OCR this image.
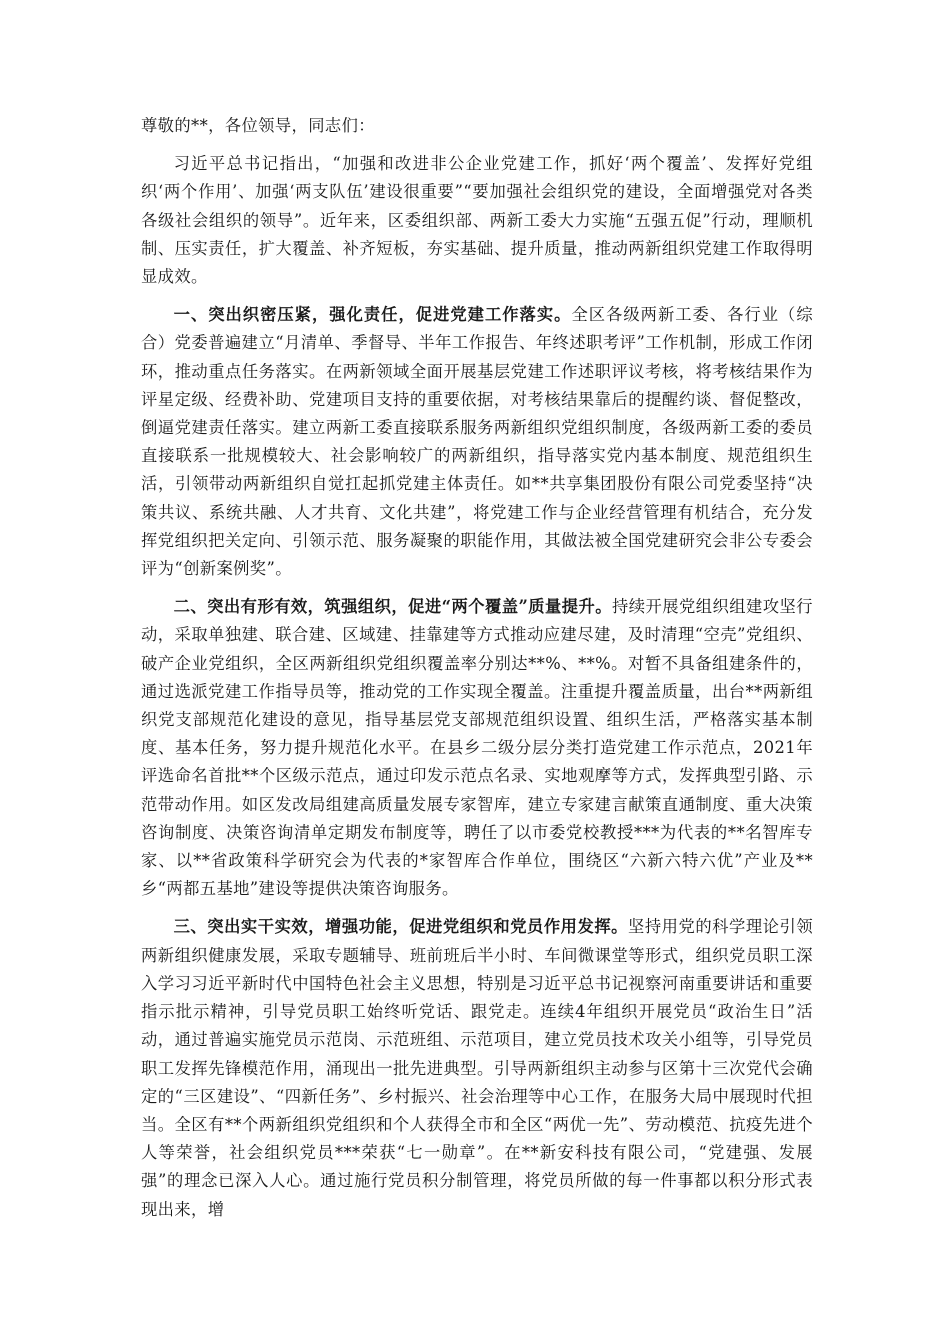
尊敬的**，各位领导，同志们：

习近平总书记指出，“加强和改进非公企业党建工作，抓好‘两个覆盖’、发挥好党组织‘两个作用’、加强‘两支队伍’建设很重要”“要加强社会组织党的建设，全面增强党对各类各级社会组织的领导”。近年来，区委组织部、两新工委大力实施“五强五促”行动，理顺机制、压实责任，扩大覆盖、补齐短板，夯实基础、提升质量，推动两新组织党建工作取得明显成效。

一、突出织密压紧，强化责任，促进党建工作落实。全区各级两新工委、各行业（综合）党委普遍建立“月清单、季督导、半年工作报告、年终述职考评”工作机制，形成工作闭环，推动重点任务落实。在两新领域全面开展基层党建工作述职评议考核，将考核结果作为评星定级、经费补助、党建项目支持的重要依据，对考核结果靠后的提醒约谈、督促整改，倒逼党建责任落实。建立两新工委直接联系服务两新组织党组织制度，各级两新工委的委员直接联系一批规模较大、社会影响较广的两新组织，指导落实党内基本制度、规范组织生活，引领带动两新组织自觉扛起抓党建主体责任。如**共享集团股份有限公司党委坚持“决策共议、系统共融、人才共育、文化共建”，将党建工作与企业经营管理有机结合，充分发挥党组织把关定向、引领示范、服务凝聚的职能作用，其做法被全国党建研究会非公专委会评为“创新案例奖”。

二、突出有形有效，筑强组织，促进“两个覆盖”质量提升。持续开展党组织组建攻坚行动，采取单独建、联合建、区域建、挂靠建等方式推动应建尽建，及时清理“空壳”党组织、破产企业党组织，全区两新组织党组织覆盖率分别达**%、**%。对暂不具备组建条件的，通过选派党建工作指导员等，推动党的工作实现全覆盖。注重提升覆盖质量，出台**两新组织党支部规范化建设的意见，指导基层党支部规范组织设置、组织生活，严格落实基本制度、基本任务，努力提升规范化水平。在县乡二级分层分类打造党建工作示范点，2021年评选命名首批**个区级示范点，通过印发示范点名录、实地观摩等方式，发挥典型引路、示范带动作用。如区发改局组建高质量发展专家智库，建立专家建言献策直通制度、重大决策咨询制度、决策咨询清单定期发布制度等，聘任了以市委党校教授***为代表的**名智库专家、以**省政策科学研究会为代表的*家智库合作单位，围绕区“六新六特六优”产业及**乡“两都五基地”建设等提供决策咨询服务。

三、突出实干实效，增强功能，促进党组织和党员作用发挥。坚持用党的科学理论引领两新组织健康发展，采取专题辅导、班前班后半小时、车间微课堂等形式，组织党员职工深入学习习近平新时代中国特色社会主义思想，特别是习近平总书记视察河南重要讲话和重要指示批示精神，引导党员职工始终听党话、跟党走。连续4年组织开展党员“政治生日”活动，通过普遍实施党员示范岗、示范班组、示范项目，建立党员技术攻关小组等，引导党员职工发挥先锋模范作用，涌现出一批先进典型。引导两新组织主动参与区第十三次党代会确定的“三区建设”、“四新任务”、乡村振兴、社会治理等中心工作，在服务大局中展现时代担当。全区有**个两新组织党组织和个人获得全市和全区“两优一先”、劳动模范、抗疫先进个人等荣誉，社会组织党员***荣获“七一勋章”。在**新安科技有限公司，“党建强、发展强”的理念已深入人心。通过施行党员积分制管理，将党员所做的每一件事都以积分形式表现出来，增
